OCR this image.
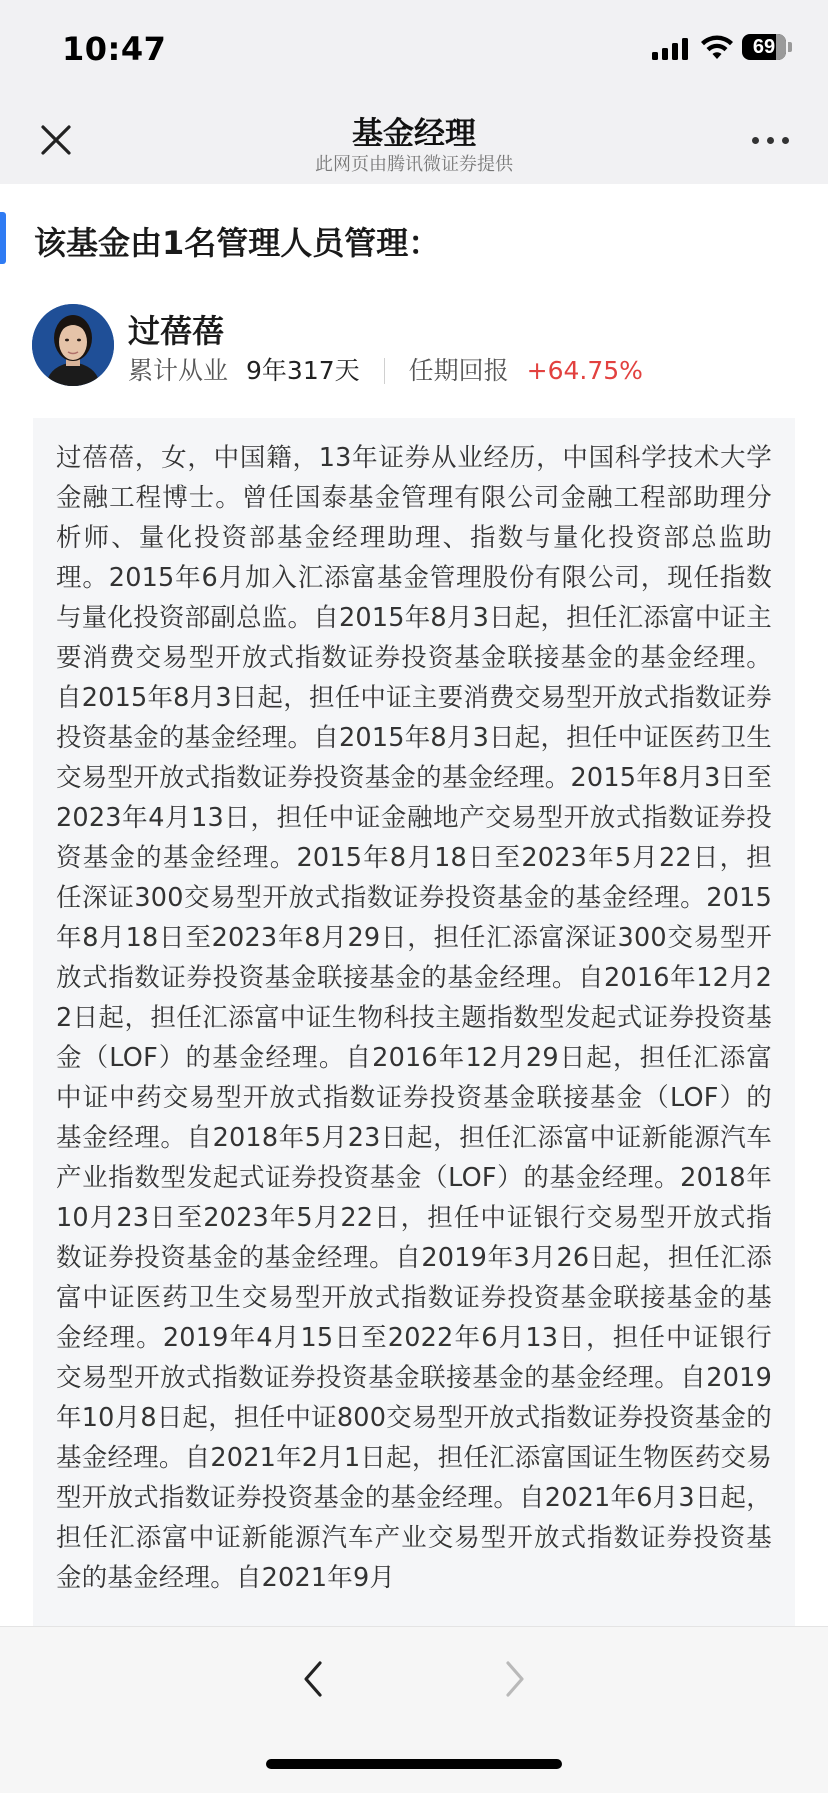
10:47	69
基金经理
此网页由腾讯微证券提供
该基金由1名管理人员管理：
过蓓蓓
累计从业 9年317天 任期回报 +64.75%

过蓓蓓，女，中国籍，13年证券从业经历，中国科学技术大学金融工程博士。曾任国泰基金管理有限公司金融工程部助理分析师、量化投资部基金经理助理、指数与量化投资部总监助理。2015年6月加入汇添富基金管理股份有限公司，现任指数与量化投资部副总监。自2015年8月3日起，担任汇添富中证主要消费交易型开放式指数证券投资基金联接基金的基金经理。自2015年8月3日起，担任中证主要消费交易型开放式指数证券投资基金的基金经理。自2015年8月3日起，担任中证医药卫生交易型开放式指数证券投资基金的基金经理。2015年8月3日至2023年4月13日，担任中证金融地产交易型开放式指数证券投资基金的基金经理。2015年8月18日至2023年5月22日，担任深证300交易型开放式指数证券投资基金的基金经理。2015年8月18日至2023年8月29日，担任汇添富深证300交易型开放式指数证券投资基金联接基金的基金经理。自2016年12月22日起，担任汇添富中证生物科技主题指数型发起式证券投资基金（LOF）的基金经理。自2016年12月29日起，担任汇添富中证中药交易型开放式指数证券投资基金联接基金（LOF）的基金经理。自2018年5月23日起，担任汇添富中证新能源汽车产业指数型发起式证券投资基金（LOF）的基金经理。2018年10月23日至2023年5月22日，担任中证银行交易型开放式指数证券投资基金的基金经理。自2019年3月26日起，担任汇添富中证医药卫生交易型开放式指数证券投资基金联接基金的基金经理。2019年4月15日至2022年6月13日，担任中证银行交易型开放式指数证券投资基金联接基金的基金经理。自2019年10月8日起，担任中证800交易型开放式指数证券投资基金的基金经理。自2021年2月1日起，担任汇添富国证生物医药交易型开放式指数证券投资基金的基金经理。自2021年6月3日起，担任汇添富中证新能源汽车产业交易型开放式指数证券投资基金的基金经理。自2021年9月
